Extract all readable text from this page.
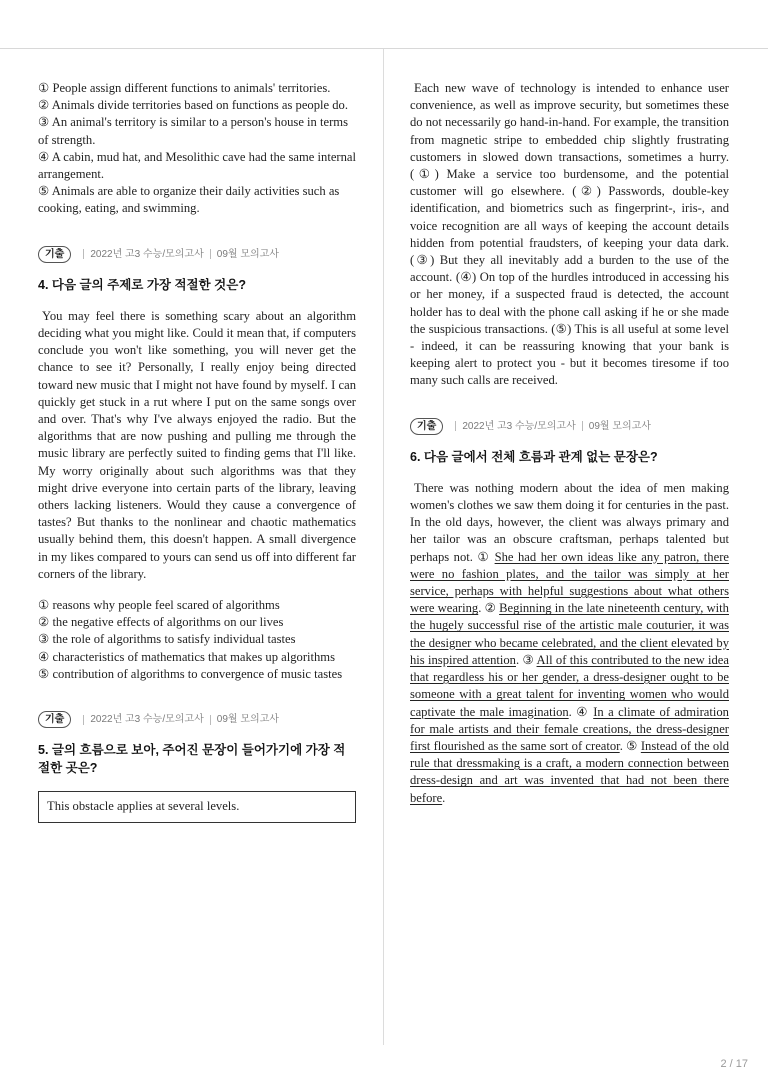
① People assign different functions to animals' territories.
② Animals divide territories based on functions as people do.
③ An animal's territory is similar to a person's house in terms of strength.
④ A cabin, mud hat, and Mesolithic cave had the same internal arrangement.
⑤ Animals are able to organize their daily activities such as cooking, eating, and swimming.
기출	2022년 고3 수능/모의고사 09월 모의고사
4. 다음 글의 주제로 가장 적절한 것은?

You may feel there is something scary about an algorithm deciding what you might like. Could it mean that, if computers conclude you won't like something, you will never get the chance to see it? Personally, I really enjoy being directed toward new music that I might not have found by myself. I can quickly get stuck in a rut where I put on the same songs over and over. That's why I've always enjoyed the radio. But the algorithms that are now pushing and pulling me through the music library are perfectly suited to finding gems that I'll like. My worry originally about such algorithms was that they might drive everyone into certain parts of the library, leaving others lacking listeners. Would they cause a convergence of tastes? But thanks to the nonlinear and chaotic mathematics usually behind them, this doesn't happen. A small divergence in my likes compared to yours can send us off into different far corners of the library.

① reasons why people feel scared of algorithms
② the negative effects of algorithms on our lives
③ the role of algorithms to satisfy individual tastes
④ characteristics of mathematics that makes up algorithms
⑤ contribution of algorithms to convergence of music tastes
기출	2022년 고3 수능/모의고사 09월 모의고사
5. 글의 흐름으로 보아, 주어진 문장이 들어가기에 가장 적절한 곳은?
This obstacle applies at several levels.

Each new wave of technology is intended to enhance user convenience, as well as improve security, but sometimes these do not necessarily go hand-in-hand. For example, the transition from magnetic stripe to embedded chip slightly frustrating customers in slowed down transactions, sometimes a hurry. (①) Make a service too burdensome, and the potential customer will go elsewhere. (②) Passwords, double-key identification, and biometrics such as fingerprint-, iris-, and voice recognition are all ways of keeping the account details hidden from potential fraudsters, of keeping your data dark. (③) But they all inevitably add a burden to the use of the account. (④) On top of the hurdles introduced in accessing his or her money, if a suspected fraud is detected, the account holder has to deal with the phone call asking if he or she made the suspicious transactions. (⑤) This is all useful at some level - indeed, it can be reassuring knowing that your bank is keeping alert to protect you - but it becomes tiresome if too many such calls are received.

기출	2022년 고3 수능/모의고사 09월 모의고사
6. 다음 글에서 전체 흐름과 관계 없는 문장은?

There was nothing modern about the idea of men making women's clothes we saw them doing it for centuries in the past. In the old days, however, the client was always primary and her tailor was an obscure craftsman, perhaps talented but perhaps not. ① She had her own ideas like any patron, there were no fashion plates, and the tailor was simply at her service, perhaps with helpful suggestions about what others were wearing. ② Beginning in the late nineteenth century, with the hugely successful rise of the artistic male couturier, it was the designer who became celebrated, and the client elevated by his inspired attention. ③ All of this contributed to the new idea that regardless his or her gender, a dress-designer ought to be someone with a great talent for inventing women who would captivate the male imagination. ④ In a climate of admiration for male artists and their female creations, the dress-designer first flourished as the same sort of creator. ⑤ Instead of the old rule that dressmaking is a craft, a modern connection between dress-design and art was invented that had not been there before.

2 / 17
